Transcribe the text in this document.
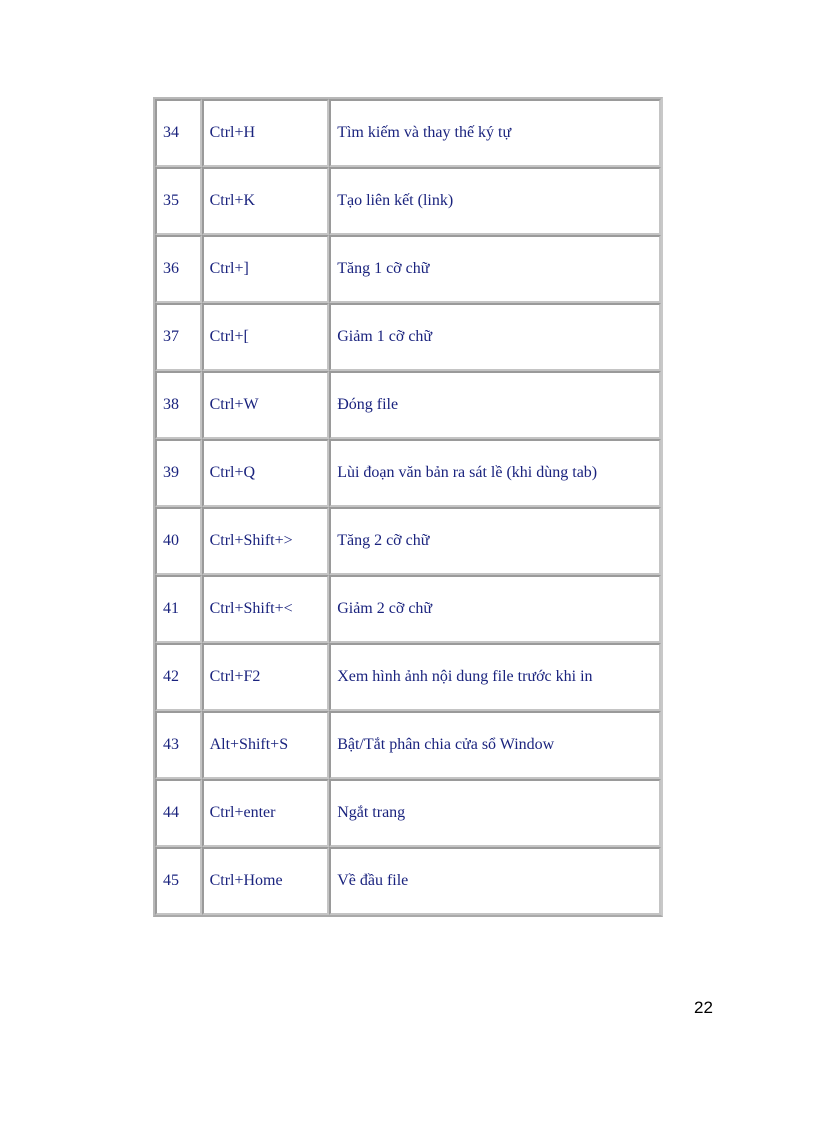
34	Ctrl+H	Tìm kiếm và thay thế ký tự
35	Ctrl+K	Tạo liên kết (link)
36	Ctrl+]	Tăng 1 cỡ chữ
37	Ctrl+[	Giảm 1 cỡ chữ
38	Ctrl+W	Đóng file
39	Ctrl+Q	Lùi đoạn văn bản ra sát lề (khi dùng tab)
40	Ctrl+Shift+>	Tăng 2 cỡ chữ
41	Ctrl+Shift+<	Giảm 2 cỡ chữ
42	Ctrl+F2	Xem hình ảnh nội dung file trước khi in
43	Alt+Shift+S	Bật/Tắt phân chia cửa sổ Window
44	Ctrl+enter	Ngắt trang
45	Ctrl+Home	Về đầu file
22
